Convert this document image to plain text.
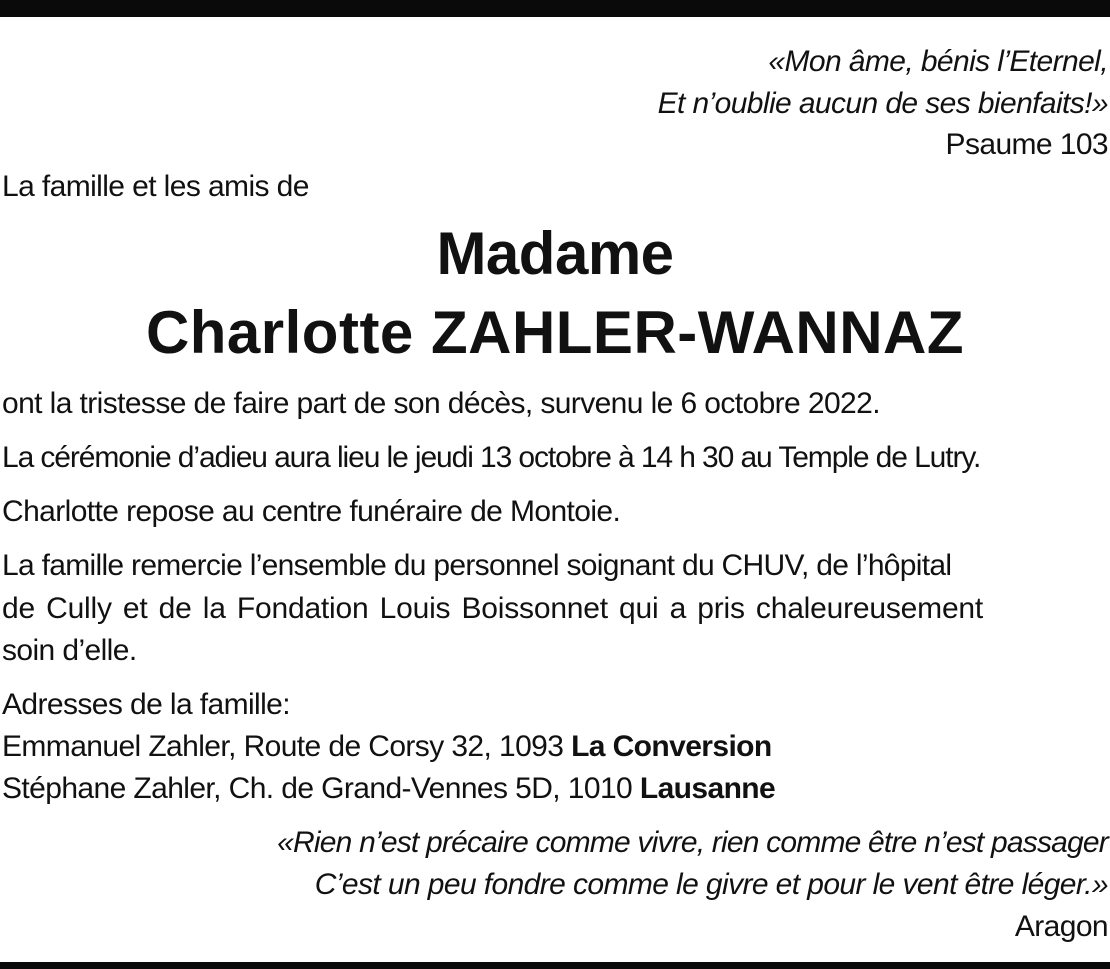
«Mon âme, bénis l’Eternel,
Et n’oublie aucun de ses bienfaits!»
Psaume 103
La famille et les amis de
Madame
Charlotte ZAHLER-WANNAZ
ont la tristesse de faire part de son décès, survenu le 6 octobre 2022.
La cérémonie d’adieu aura lieu le jeudi 13 octobre à 14 h 30 au Temple de Lutry.
Charlotte repose au centre funéraire de Montoie.
La famille remercie l’ensemble du personnel soignant du CHUV, de l’hôpital
de Cully et de la Fondation Louis Boissonnet qui a pris chaleureusement
soin d’elle.
Adresses de la famille:
Emmanuel Zahler, Route de Corsy 32, 1093 La Conversion
Stéphane Zahler, Ch. de Grand-Vennes 5D, 1010 Lausanne
«Rien n’est précaire comme vivre, rien comme être n’est passager
C’est un peu fondre comme le givre et pour le vent être léger.»
Aragon
